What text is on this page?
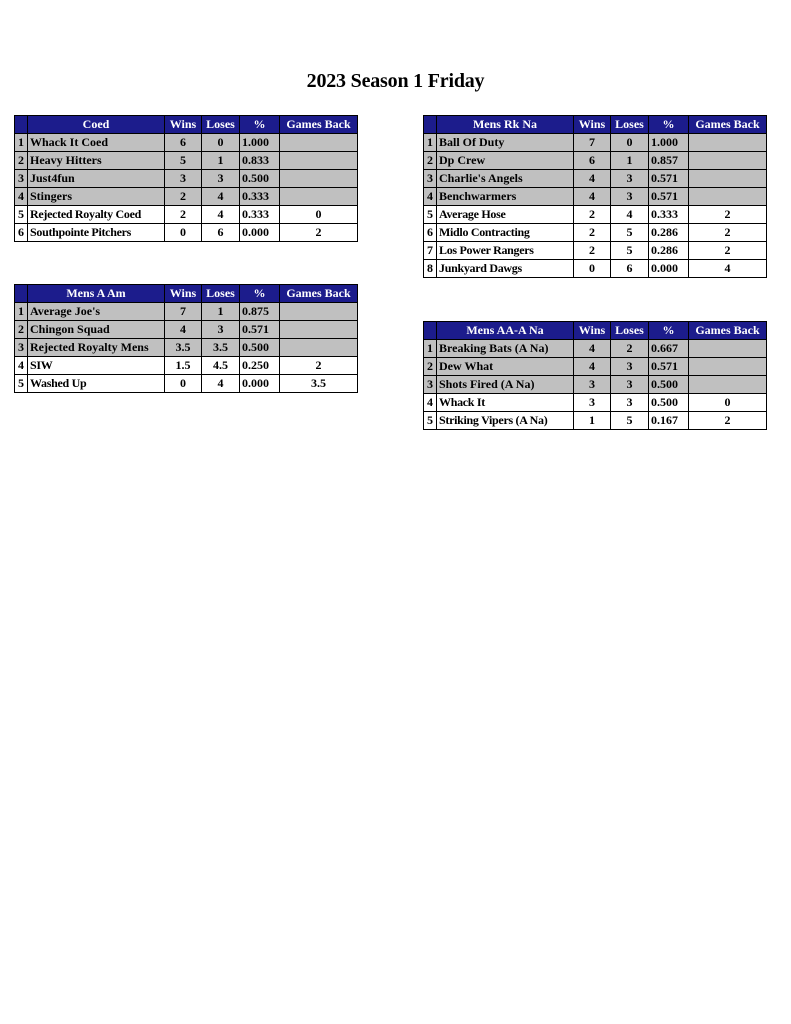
2023 Season 1 Friday
	Coed	Wins	Loses	%	Games Back
1	Whack It Coed	6	0	1.000	
2	Heavy Hitters	5	1	0.833	
3	Just4fun	3	3	0.500	
4	Stingers	2	4	0.333	
5	Rejected Royalty Coed	2	4	0.333	0
6	Southpointe Pitchers	0	6	0.000	2
	Mens Rk Na	Wins	Loses	%	Games Back
1	Ball Of Duty	7	0	1.000	
2	Dp Crew	6	1	0.857	
3	Charlie's Angels	4	3	0.571	
4	Benchwarmers	4	3	0.571	
5	Average Hose	2	4	0.333	2
6	Midlo Contracting	2	5	0.286	2
7	Los Power Rangers	2	5	0.286	2
8	Junkyard Dawgs	0	6	0.000	4
	Mens A Am	Wins	Loses	%	Games Back
1	Average Joe's	7	1	0.875	
2	Chingon Squad	4	3	0.571	
3	Rejected Royalty Mens	3.5	3.5	0.500	
4	SIW	1.5	4.5	0.250	2
5	Washed Up	0	4	0.000	3.5
	Mens AA-A Na	Wins	Loses	%	Games Back
1	Breaking Bats (A Na)	4	2	0.667	
2	Dew What	4	3	0.571	
3	Shots Fired (A Na)	3	3	0.500	
4	Whack It	3	3	0.500	0
5	Striking Vipers (A Na)	1	5	0.167	2
